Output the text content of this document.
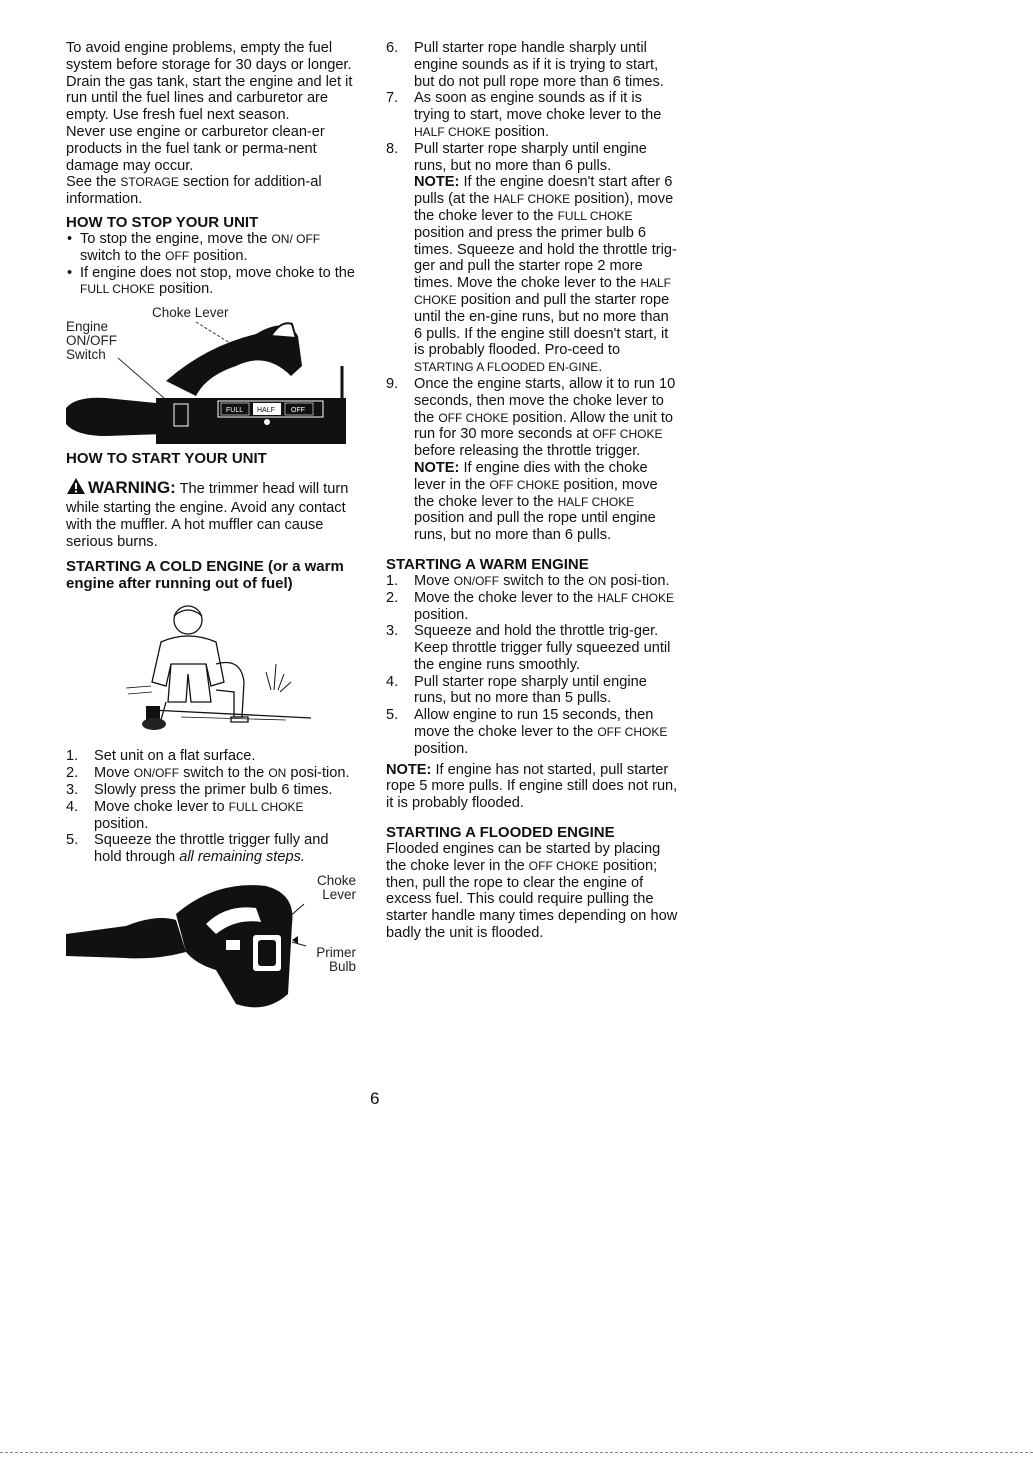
To avoid engine problems, empty the fuel system before storage for 30 days or longer. Drain the gas tank, start the engine and let it run until the fuel lines and carburetor are empty. Use fresh fuel next season.

Never use engine or carburetor clean-er products in the fuel tank or perma-nent damage may occur.

See the STORAGE section for addition-al information.

HOW TO STOP YOUR UNIT

• To stop the engine, move the ON/ OFF switch to the OFF position.
• If engine does not stop, move choke to the FULL CHOKE position.
Choke Lever
Engine ON/OFF Switch
FULL HALF OFF

HOW TO START YOUR UNIT

WARNING: The trimmer head will turn while starting the engine. Avoid any contact with the muffler. A hot muffler can cause serious burns.

STARTING A COLD ENGINE (or a warm engine after running out of fuel)

1. Set unit on a flat surface.
2. Move ON/OFF switch to the ON posi-tion.
3. Slowly press the primer bulb 6 times.
4. Move choke lever to FULL CHOKE position.
5. Squeeze the throttle trigger fully and hold through all remaining steps.
Choke Lever
Primer Bulb
6. Pull starter rope handle sharply until engine sounds as if it is trying to start, but do not pull rope more than 6 times.
7. As soon as engine sounds as if it is trying to start, move choke lever to the HALF CHOKE position.
8. Pull starter rope sharply until engine runs, but no more than 6 pulls.
NOTE: If the engine doesn't start after 6 pulls (at the HALF CHOKE position), move the choke lever to the FULL CHOKE position and press the primer bulb 6 times. Squeeze and hold the throttle trig-ger and pull the starter rope 2 more times. Move the choke lever to the HALF CHOKE position and pull the starter rope until the en-gine runs, but no more than 6 pulls. If the engine still doesn't start, it is probably flooded. Pro-ceed to STARTING A FLOODED EN-GINE.
9. Once the engine starts, allow it to run 10 seconds, then move the choke lever to the OFF CHOKE position. Allow the unit to run for 30 more seconds at OFF CHOKE before releasing the throttle trigger.
NOTE: If engine dies with the choke lever in the OFF CHOKE position, move the choke lever to the HALF CHOKE position and pull the rope until engine runs, but no more than 6 pulls.

STARTING A WARM ENGINE

1. Move ON/OFF switch to the ON posi-tion.
2. Move the choke lever to the HALF CHOKE position.
3. Squeeze and hold the throttle trig-ger. Keep throttle trigger fully squeezed until the engine runs smoothly.
4. Pull starter rope sharply until engine runs, but no more than 5 pulls.
5. Allow engine to run 15 seconds, then move the choke lever to the OFF CHOKE position.

NOTE: If engine has not started, pull starter rope 5 more pulls. If engine still does not run, it is probably flooded.

STARTING A FLOODED ENGINE

Flooded engines can be started by placing the choke lever in the OFF CHOKE position; then, pull the rope to clear the engine of excess fuel. This could require pulling the starter handle many times depending on how badly the unit is flooded.

6
